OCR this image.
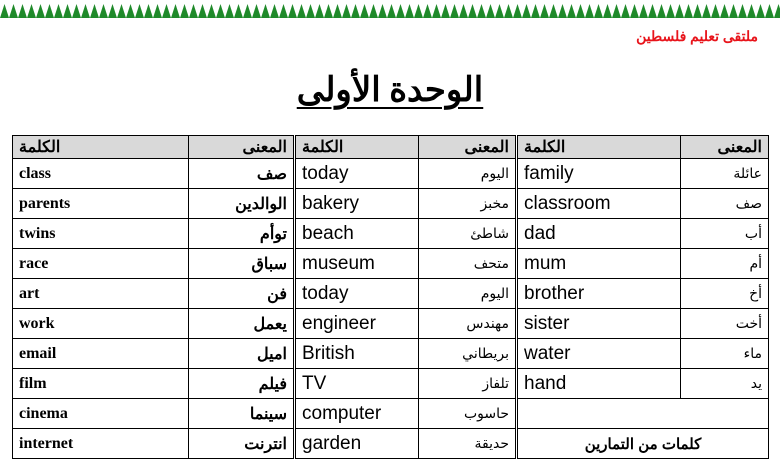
ملتقى تعليم فلسطين
الوحدة الأولى
الكلمة	المعنى	الكلمة	المعنى	الكلمة	المعنى
class	صف	today	اليوم	family	عائلة
parents	الوالدين	bakery	مخبز	classroom	صف
twins	توأم	beach	شاطئ	dad	أب
race	سباق	museum	متحف	mum	أم
art	فن	today	اليوم	brother	أخ
work	يعمل	engineer	مهندس	sister	أخت
email	اميل	British	بريطاني	water	ماء
film	فيلم	TV	تلفاز	hand	يد
cinema	سينما	computer	حاسوب		
internet	انترنت	garden	حديقة	كلمات من التمارين	
